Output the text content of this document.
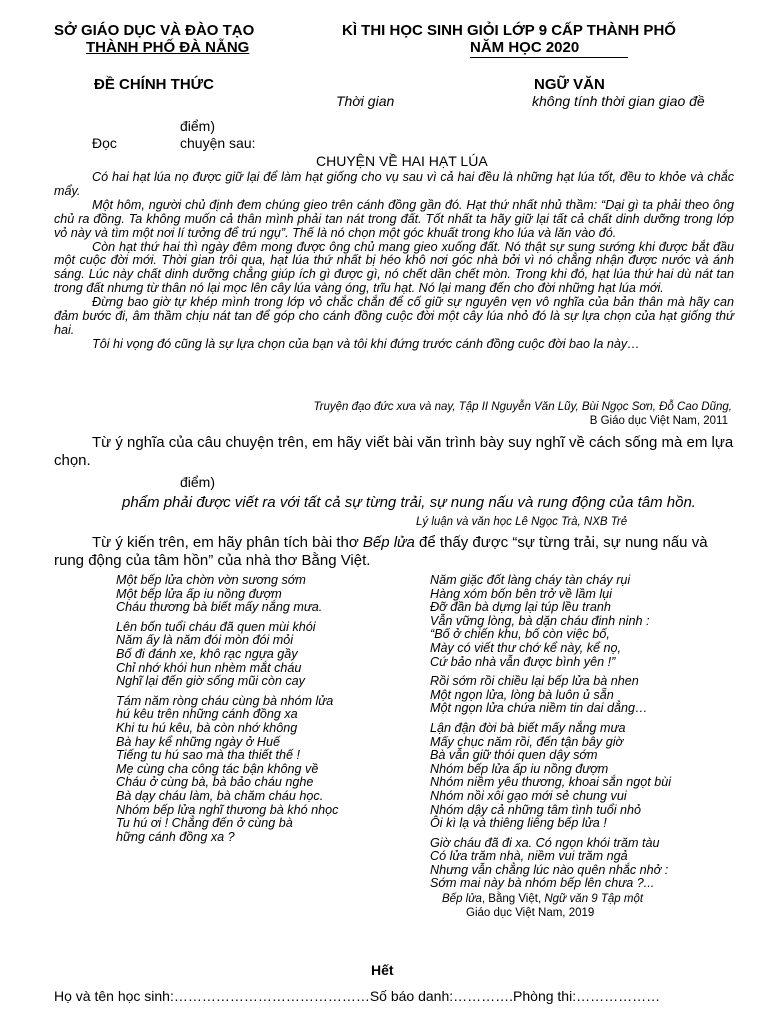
SỞ GIÁO DỤC VÀ ĐÀO TẠO
THÀNH PHỐ ĐÀ NẴNG
KÌ THI HỌC SINH GIỎI LỚP 9 CẤP THÀNH PHỐ
NĂM HỌC 2020
ĐỀ CHÍNH THỨC	NGỮ VĂN
Thời gian	không tính thời gian giao đề
điểm)
Đọc	chuyện sau:
CHUYỆN VỀ HAI HẠT LÚA

Có hai hạt lúa nọ được giữ lại để làm hạt giống cho vụ sau vì cả hai đều là những hạt lúa tốt, đều to khỏe và chắc mẩy.

Một hôm, người chủ định đem chúng gieo trên cánh đồng gần đó. Hạt thứ nhất nhủ thầm: “Dại gì ta phải theo ông chủ ra đồng. Ta không muốn cả thân mình phải tan nát trong đất. Tốt nhất ta hãy giữ lại tất cả chất dinh dưỡng trong lớp vỏ này và tìm một nơi lí tưởng để trú ngụ”. Thế là nó chọn một góc khuất trong kho lúa và lăn vào đó.

Còn hạt thứ hai thì ngày đêm mong được ông chủ mang gieo xuống đất. Nó thật sự sung sướng khi được bắt đầu một cuộc đời mới. Thời gian trôi qua, hạt lúa thứ nhất bị héo khô nơi góc nhà bởi vì nó chẳng nhận được nước và ánh sáng. Lúc này chất dinh dưỡng chẳng giúp ích gì được gì, nó chết dần chết mòn. Trong khi đó, hạt lúa thứ hai dù nát tan trong đất nhưng từ thân nó lại mọc lên cây lúa vàng óng, trĩu hạt. Nó lại mang đến cho đời những hạt lúa mới.

Đừng bao giờ tự khép mình trong lớp vỏ chắc chắn để cố giữ sự nguyên vẹn vô nghĩa của bản thân mà hãy can đảm bước đi, âm thầm chịu nát tan để góp cho cánh đồng cuộc đời một cây lúa nhỏ đó là sự lựa chọn của hạt giống thứ hai.

Tôi hi vọng đó cũng là sự lựa chọn của bạn và tôi khi đứng trước cánh đồng cuộc đời bao la này…

Truyện đạo đức xưa và nay, Tập II Nguyễn Văn Lũy, Bùi Ngọc Sơn, Đỗ Cao Dũng,
B Giáo dục Việt Nam, 2011
Từ ý nghĩa của câu chuyện trên, em hãy viết bài văn trình bày suy nghĩ về cách sống mà em lựa chọn.
điểm)
phẩm phải được viết ra với tất cả sự từng trải, sự nung nấu và rung động của tâm hồn.
Lý luận và văn học Lê Ngọc Trà, NXB Trẻ
Từ ý kiến trên, em hãy phân tích bài thơ Bếp lửa để thấy được “sự từng trải, sự nung nấu và rung động của tâm hồn” của nhà thơ Bằng Việt.
Một bếp lửa chờn vờn sương sớm
Một bếp lửa ấp iu nồng đượm
Cháu thương bà biết mấy nắng mưa.
Lên bốn tuổi cháu đã quen mùi khói
Năm ấy là năm đói mòn đói mỏi
Bố đi đánh xe, khô rạc ngựa gầy
Chỉ nhớ khói hun nhèm mắt cháu
Nghĩ lại đến giờ sống mũi còn cay
Tám năm ròng cháu cùng bà nhóm lửa
hú kêu trên những cánh đồng xa
Khi tu hú kêu, bà còn nhớ không
Bà hay kể những ngày ở Huế
Tiếng tu hú sao mà tha thiết thế !
Mẹ cùng cha công tác bận không về
Cháu ở cùng bà, bà bảo cháu nghe
Bà dạy cháu làm, bà chăm cháu học.
Nhóm bếp lửa nghĩ thương bà khó nhọc
Tu hú ơi ! Chẳng đến ở cùng bà
hững cánh đồng xa ?
Năm giặc đốt làng cháy tàn cháy rụi
Hàng xóm bốn bên trở về lầm lụi
Đỡ đần bà dựng lại túp lều tranh
Vẫn vững lòng, bà dặn cháu đinh ninh :
“Bố ở chiến khu, bố còn việc bố,
Mày có viết thư chớ kể này, kể nọ,
Cứ bảo nhà vẫn được bình yên !”
Rồi sớm rồi chiều lại bếp lửa bà nhen
Một ngọn lửa, lòng bà luôn ủ sẵn
Một ngọn lửa chứa niềm tin dai dẳng…
Lận đận đời bà biết mấy nắng mưa
Mấy chục năm rồi, đến tận bây giờ
Bà vẫn giữ thói quen dậy sớm
Nhóm bếp lửa ấp iu nồng đượm
Nhóm niềm yêu thương, khoai sắn ngọt bùi
Nhóm nồi xôi gạo mới sẻ chung vui
Nhóm dậy cả những tâm tình tuổi nhỏ
Ôi kì lạ và thiêng liêng bếp lửa !
Giờ cháu đã đi xa. Có ngọn khói trăm tàu
Có lửa trăm nhà, niềm vui trăm ngả
Nhưng vẫn chẳng lúc nào quên nhắc nhở :
Sớm mai này bà nhóm bếp lên chưa ?...
Bếp lửa, Bằng Việt, Ngữ văn 9 Tập một
Giáo dục Việt Nam, 2019
Hết
Họ và tên học sinh:……………………………………Số báo danh:………….Phòng thi:………………
